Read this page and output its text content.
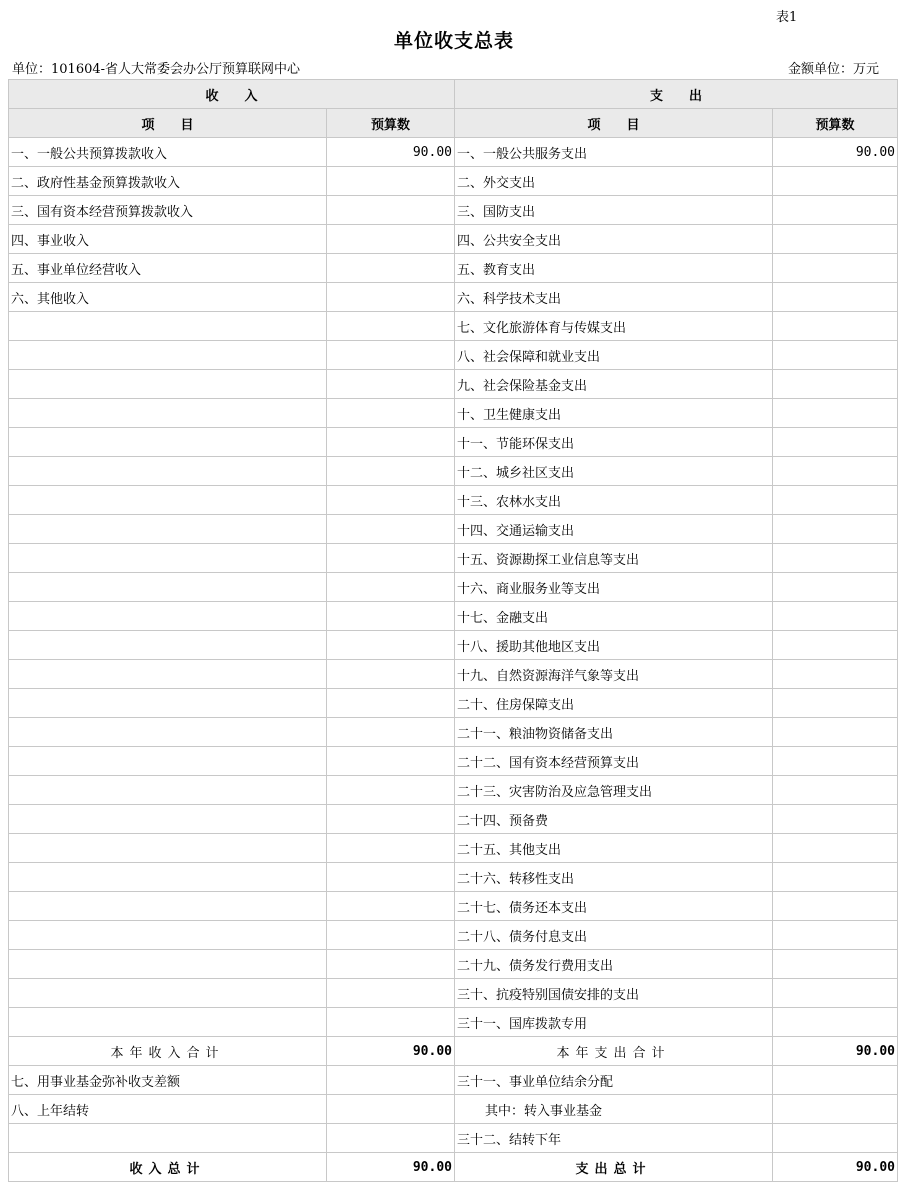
表1
单位收支总表
单位：101604-省人大常委会办公厅预算联网中心	金额单位：万元
收　　入		支　　出	
项　　目	预算数	项　　目	预算数
一、一般公共预算拨款收入	90.00	一、一般公共服务支出	90.00
二、政府性基金预算拨款收入		二、外交支出	
三、国有资本经营预算拨款收入		三、国防支出	
四、事业收入		四、公共安全支出	
五、事业单位经营收入		五、教育支出	
六、其他收入		六、科学技术支出	
		七、文化旅游体育与传媒支出	
		八、社会保障和就业支出	
		九、社会保险基金支出	
		十、卫生健康支出	
		十一、节能环保支出	
		十二、城乡社区支出	
		十三、农林水支出	
		十四、交通运输支出	
		十五、资源勘探工业信息等支出	
		十六、商业服务业等支出	
		十七、金融支出	
		十八、援助其他地区支出	
		十九、自然资源海洋气象等支出	
		二十、住房保障支出	
		二十一、粮油物资储备支出	
		二十二、国有资本经营预算支出	
		二十三、灾害防治及应急管理支出	
		二十四、预备费	
		二十五、其他支出	
		二十六、转移性支出	
		二十七、债务还本支出	
		二十八、债务付息支出	
		二十九、债务发行费用支出	
		三十、抗疫特别国债安排的支出	
		三十一、国库拨款专用	
本年收入合计	90.00	本年支出合计	90.00
七、用事业基金弥补收支差额		三十一、事业单位结余分配	
八、上年结转		其中：转入事业基金	
		三十二、结转下年	
收入总计	90.00	支出总计	90.00
